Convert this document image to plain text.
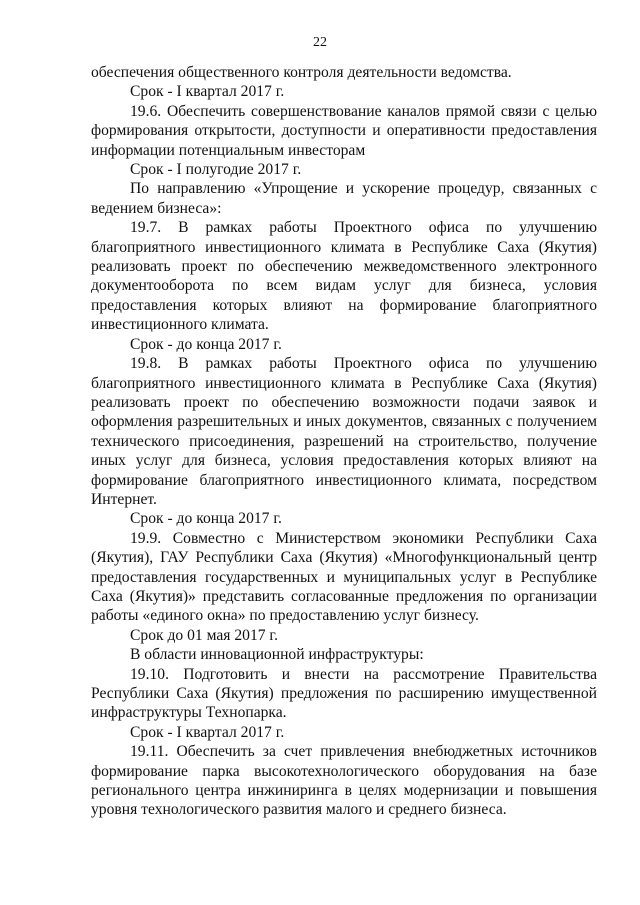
22

обеспечения общественного контроля деятельности ведомства.

Срок - I квартал 2017 г.

19.6. Обеспечить совершенствование каналов прямой связи с целью формирования открытости, доступности и оперативности предоставления информации потенциальным инвесторам

Срок - I полугодие 2017 г.

По направлению «Упрощение и ускорение процедур, связанных с ведением бизнеса»:

19.7. В рамках работы Проектного офиса по улучшению благоприятного инвестиционного климата в Республике Саха (Якутия) реализовать проект по обеспечению межведомственного электронного документооборота по всем видам услуг для бизнеса, условия предоставления которых влияют на формирование благоприятного инвестиционного климата.

Срок - до конца 2017 г.

19.8. В рамках работы Проектного офиса по улучшению благоприятного инвестиционного климата в Республике Саха (Якутия) реализовать проект по обеспечению возможности подачи заявок и оформления разрешительных и иных документов, связанных с получением технического присоединения, разрешений на строительство, получение иных услуг для бизнеса, условия предоставления которых влияют на формирование благоприятного инвестиционного климата, посредством Интернет.

Срок - до конца 2017 г.

19.9. Совместно с Министерством экономики Республики Саха (Якутия), ГАУ Республики Саха (Якутия) «Многофункциональный центр предоставления государственных и муниципальных услуг в Республике Саха (Якутия)» представить согласованные предложения по организации работы «единого окна» по предоставлению услуг бизнесу.

Срок до 01 мая 2017 г.

В области инновационной инфраструктуры:

19.10. Подготовить и внести на рассмотрение Правительства Республики Саха (Якутия) предложения по расширению имущественной инфраструктуры Технопарка.

Срок - I квартал 2017 г.

19.11. Обеспечить за счет привлечения внебюджетных источников формирование парка высокотехнологического оборудования на базе регионального центра инжиниринга в целях модернизации и повышения уровня технологического развития малого и среднего бизнеса.
